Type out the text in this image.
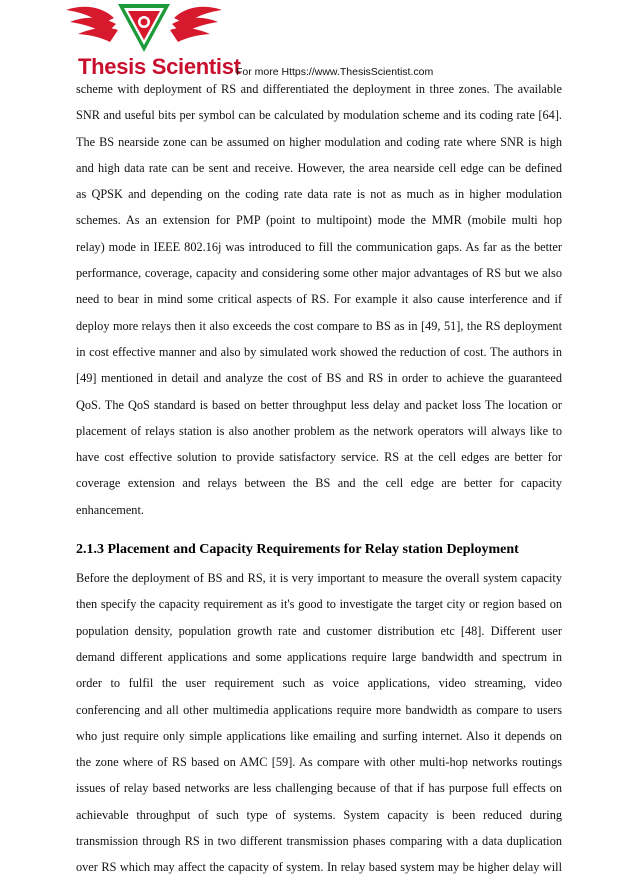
Thesis Scientist
For more Https://www.ThesisScientist.com
scheme with deployment of RS and differentiated the deployment in three zones. The available
SNR and useful bits per symbol can be calculated by modulation scheme and its coding rate [64].
The BS nearside zone can be assumed on higher modulation and coding rate where SNR is high
and high data rate can be sent and receive. However, the area nearside cell edge can be defined
as QPSK and depending on the coding rate data rate is not as much as in higher modulation
schemes. As an extension for PMP (point to multipoint) mode the MMR (mobile multi hop
relay) mode in IEEE 802.16j was introduced to fill the communication gaps. As far as the better
performance, coverage, capacity and considering some other major advantages of RS but we also
need to bear in mind some critical aspects of RS. For example it also cause interference and if
deploy more relays then it also exceeds the cost compare to BS as in [49, 51], the RS deployment
in cost effective manner and also by simulated work showed the reduction of cost. The authors in
[49] mentioned in detail and analyze the cost of BS and RS in order to achieve the guaranteed
QoS. The QoS standard is based on better throughput less delay and packet loss The location or
placement of relays station is also another problem as the network operators will always like to
have cost effective solution to provide satisfactory service. RS at the cell edges are better for
coverage extension and relays between the BS and the cell edge are better for capacity
enhancement.
2.1.3 Placement and Capacity Requirements for Relay station Deployment
Before the deployment of BS and RS, it is very important to measure the overall system capacity
then specify the capacity requirement as it's good to investigate the target city or region based on
population density, population growth rate and customer distribution etc [48]. Different user
demand different applications and some applications require large bandwidth and spectrum in
order to fulfil the user requirement such as voice applications, video streaming, video
conferencing and all other multimedia applications require more bandwidth as compare to users
who just require only simple applications like emailing and surfing internet. Also it depends on
the zone where of RS based on AMC [59]. As compare with other multi-hop networks routings
issues of relay based networks are less challenging because of that if has purpose full effects on
achievable throughput of such type of systems. System capacity is been reduced during
transmission through RS in two different transmission phases comparing with a data duplication
over RS which may affect the capacity of system. In relay based system may be higher delay will
